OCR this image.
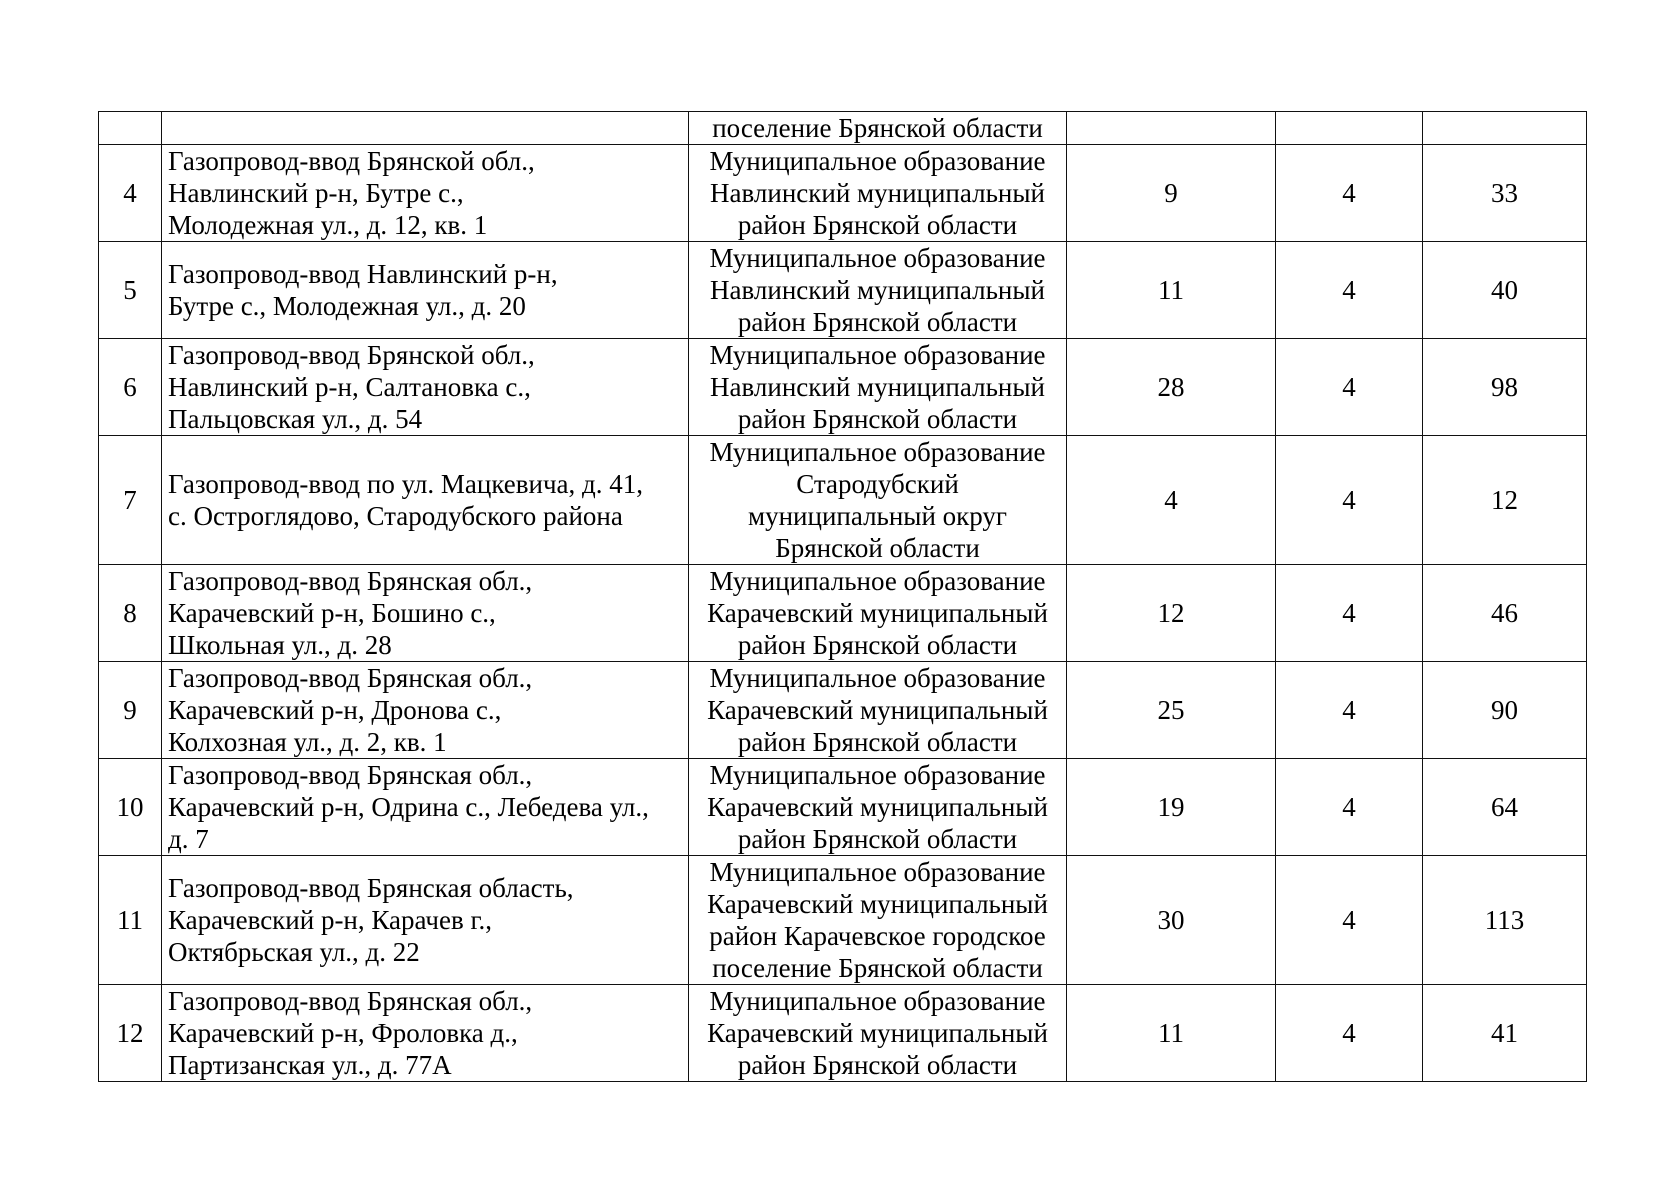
		поселение Брянской области			

4	Газопровод-ввод Брянской обл.,
Навлинский р-н, Бутре с.,
Молодежная ул., д. 12, кв. 1	Муниципальное образование
Навлинский муниципальный
район Брянской области	9	4	33
5	Газопровод-ввод Навлинский р-н,
Бутре с., Молодежная ул., д. 20	Муниципальное образование
Навлинский муниципальный
район Брянской области	11	4	40
6	Газопровод-ввод Брянской обл.,
Навлинский р-н, Салтановка с.,
Пальцовская ул., д. 54	Муниципальное образование
Навлинский муниципальный
район Брянской области	28	4	98
7	Газопровод-ввод по ул. Мацкевича, д. 41,
с. Остроглядово, Стародубского района	Муниципальное образование
Стародубский
муниципальный округ
Брянской области	4	4	12
8	Газопровод-ввод Брянская обл.,
Карачевский р-н, Бошино с.,
Школьная ул., д. 28	Муниципальное образование
Карачевский муниципальный
район Брянской области	12	4	46
9	Газопровод-ввод Брянская обл.,
Карачевский р-н, Дронова с.,
Колхозная ул., д. 2, кв. 1	Муниципальное образование
Карачевский муниципальный
район Брянской области	25	4	90
10	Газопровод-ввод Брянская обл.,
Карачевский р-н, Одрина с., Лебедева ул.,
д. 7	Муниципальное образование
Карачевский муниципальный
район Брянской области	19	4	64
11	Газопровод-ввод Брянская область,
Карачевский р-н, Карачев г.,
Октябрьская ул., д. 22	Муниципальное образование
Карачевский муниципальный
район Карачевское городское
поселение Брянской области	30	4	113
12	Газопровод-ввод Брянская обл.,
Карачевский р-н, Фроловка д.,
Партизанская ул., д. 77А	Муниципальное образование
Карачевский муниципальный
район Брянской области	11	4	41
